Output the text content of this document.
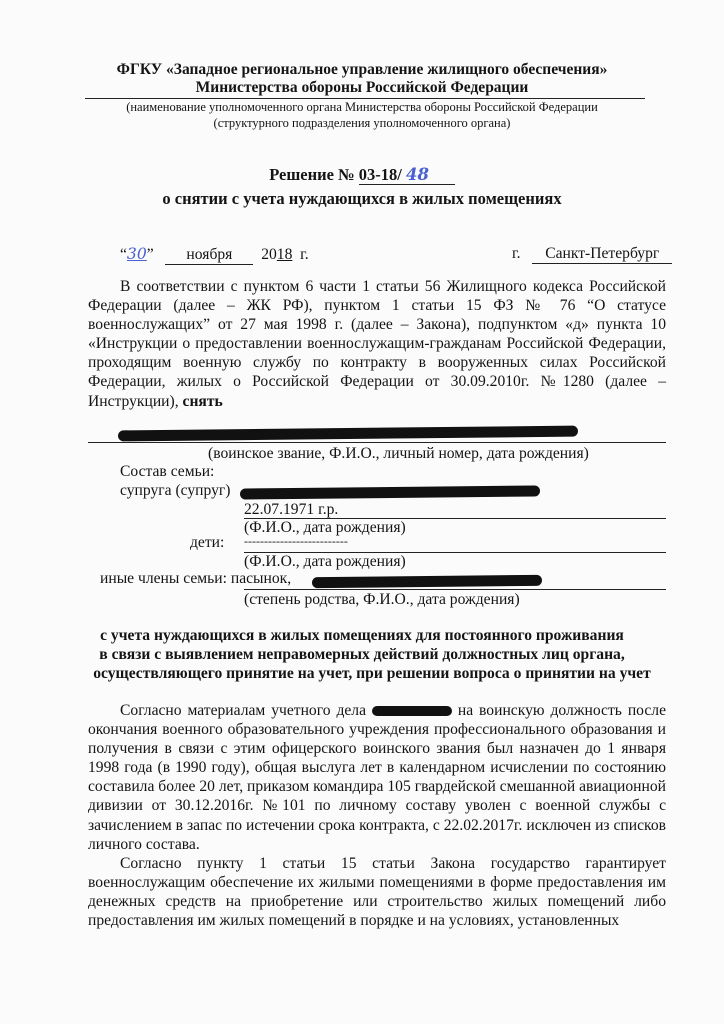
ФГКУ «Западное региональное управление жилищного обеспечения»
Министерства обороны Российской Федерации
(наименование уполномоченного органа Министерства обороны Российской Федерации
(структурного подразделения уполномоченного органа)
Решение № 03-18/ 48
о снятии с учета нуждающихся в жилых помещениях
“30” ноября 2018 г.	г. Санкт-Петербург
В соответствии с пунктом 6 части 1 статьи 56 Жилищного кодекса Российской Федерации (далее – ЖК РФ), пунктом 1 статьи 15 ФЗ № 76 “О статусе военнослужащих” от 27 мая 1998 г. (далее – Закона), подпунктом «д» пункта 10 «Инструкции о предоставлении военнослужащим-гражданам Российской Федерации, проходящим военную службу по контракту в вооруженных силах Российской Федерации, жилых о Российской Федерации от 30.09.2010г. №1280 (далее – Инструкции), снять
(воинское звание, Ф.И.О., личный номер, дата рождения)
Состав семьи:
супруга (супруг)
22.07.1971 г.р.
(Ф.И.О., дата рождения)
дети: --------------------------
(Ф.И.О., дата рождения)
иные члены семьи: пасынок,
(степень родства, Ф.И.О., дата рождения)
с учета нуждающихся в жилых помещениях для постоянного проживания
в связи с выявлением неправомерных действий должностных лиц органа,
осуществляющего принятие на учет, при решении вопроса о принятии на учет

Согласно материалам учетного дела	на воинскую должность после окончания военного образовательного учреждения профессионального образования и получения в связи с этим офицерского воинского звания был назначен до 1 января 1998 года (в 1990 году), общая выслуга лет в календарном исчислении по состоянию составила более 20 лет, приказом командира 105 гвардейской смешанной авиационной дивизии от 30.12.2016г. №101 по личному составу уволен с военной службы с зачислением в запас по истечении срока контракта, с 22.02.2017г. исключен из списков личного состава.

Согласно пункту 1 статьи 15 статьи Закона государство гарантирует военнослужащим обеспечение их жилыми помещениями в форме предоставления им денежных средств на приобретение или строительство жилых помещений либо предоставления им жилых помещений в порядке и на условиях, установленных
